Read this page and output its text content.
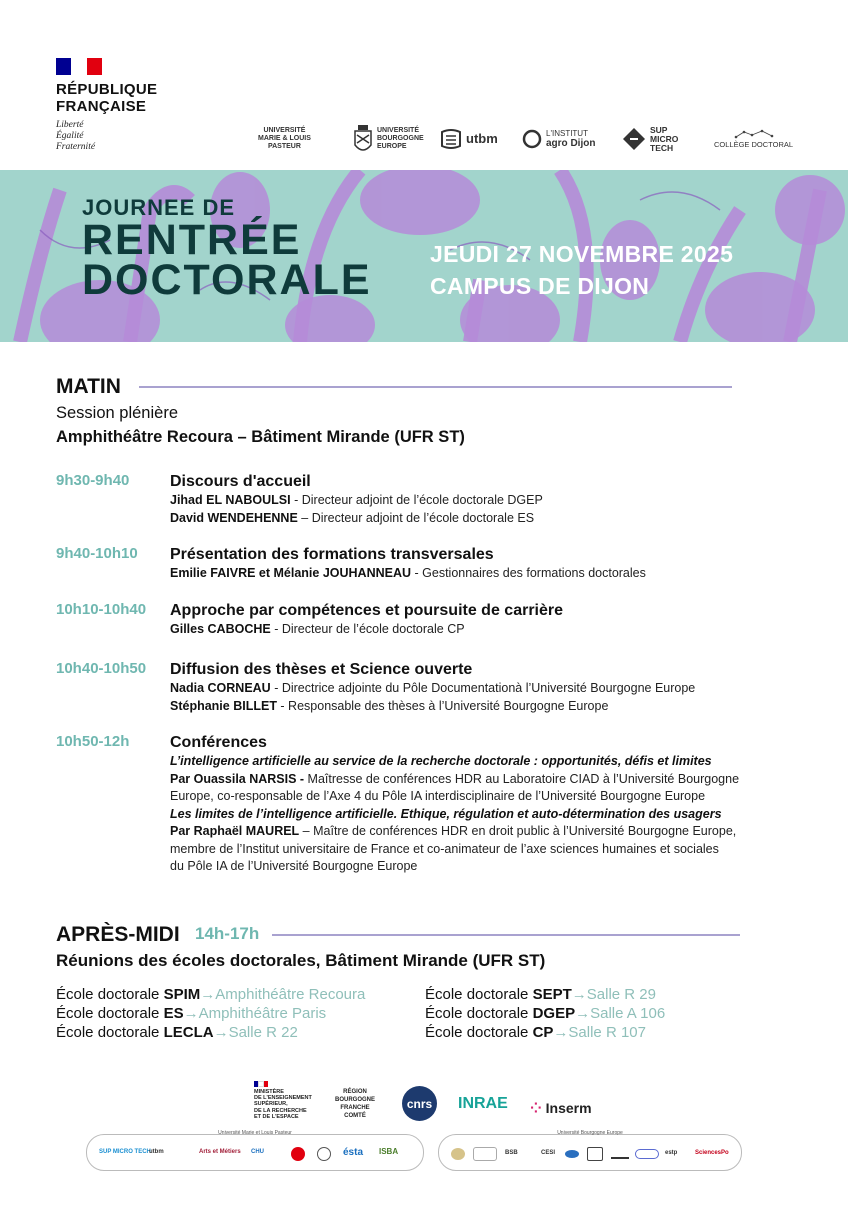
RÉPUBLIQUE
FRANÇAISE
Liberté
Égalité
Fraternité
UNIVERSITÉ
MARIE & LOUIS
PASTEUR
UNIVERSITÉ
BOURGOGNE
EUROPE
utbm	L'INSTITUT
agro Dijon
SUP
MICRO
TECH	COLLÈGE DOCTORAL
JOURNEE DE
RENTRÉE
DOCTORALE
JEUDI 27 NOVEMBRE 2025
CAMPUS DE DIJON
MATIN
Session plénière
Amphithéâtre Recoura – Bâtiment Mirande (UFR ST)
9h30-9h40	Discours d'accueil
Jihad EL NABOULSI - Directeur adjoint de l’école doctorale DGEP
David WENDEHENNE – Directeur adjoint de l’école doctorale ES
9h40-10h10 Présentation des formations transversales
Emilie FAIVRE et Mélanie JOUHANNEAU - Gestionnaires des formations doctorales
10h10-10h40 Approche par compétences et poursuite de carrière
Gilles CABOCHE - Directeur de l’école doctorale CP
10h40-10h50 Diffusion des thèses et Science ouverte
Nadia CORNEAU - Directrice adjointe du Pôle Documentationà l’Université Bourgogne Europe
Stéphanie BILLET - Responsable des thèses à l’Université Bourgogne Europe
10h50-12h	Conférences
L’intelligence artificielle au service de la recherche doctorale : opportunités, défis et limites
Par Ouassila NARSIS - Maîtresse de conférences HDR au Laboratoire CIAD à l’Université Bourgogne
Europe, co-responsable de l’Axe 4 du Pôle IA interdisciplinaire de l’Université Bourgogne Europe
Les limites de l’intelligence artificielle. Ethique, régulation et auto-détermination des usagers
Par Raphaël MAUREL – Maître de conférences HDR en droit public à l’Université Bourgogne Europe,
membre de l’Institut universitaire de France et co-animateur de l’axe sciences humaines et sociales
du Pôle IA de l’Université Bourgogne Europe
APRÈS-MIDI 14h-17h
Réunions des écoles doctorales, Bâtiment Mirande (UFR ST)
École doctorale SPIM→Amphithéâtre Recoura
École doctorale ES→Amphithéâtre Paris
École doctorale LECLA→Salle R 22
École doctorale SEPT→Salle R 29
École doctorale DGEP→Salle A 106
École doctorale CP→Salle R 107
MINISTÈRE
DE L'ENSEIGNEMENT
SUPÉRIEUR,
DE LA RECHERCHE
ET DE L'ESPACE
RÉGION
BOURGOGNE
FRANCHE
COMTÉ
cnrs	INRAE ⁘ Inserm
Université Marie et Louis Pasteur
SUP MICRO TECH
utbm	Arts et Métiers CHU	ésta ISBA
Université Bourgogne Europe
BSB	CESI	estp	SciencesPo
